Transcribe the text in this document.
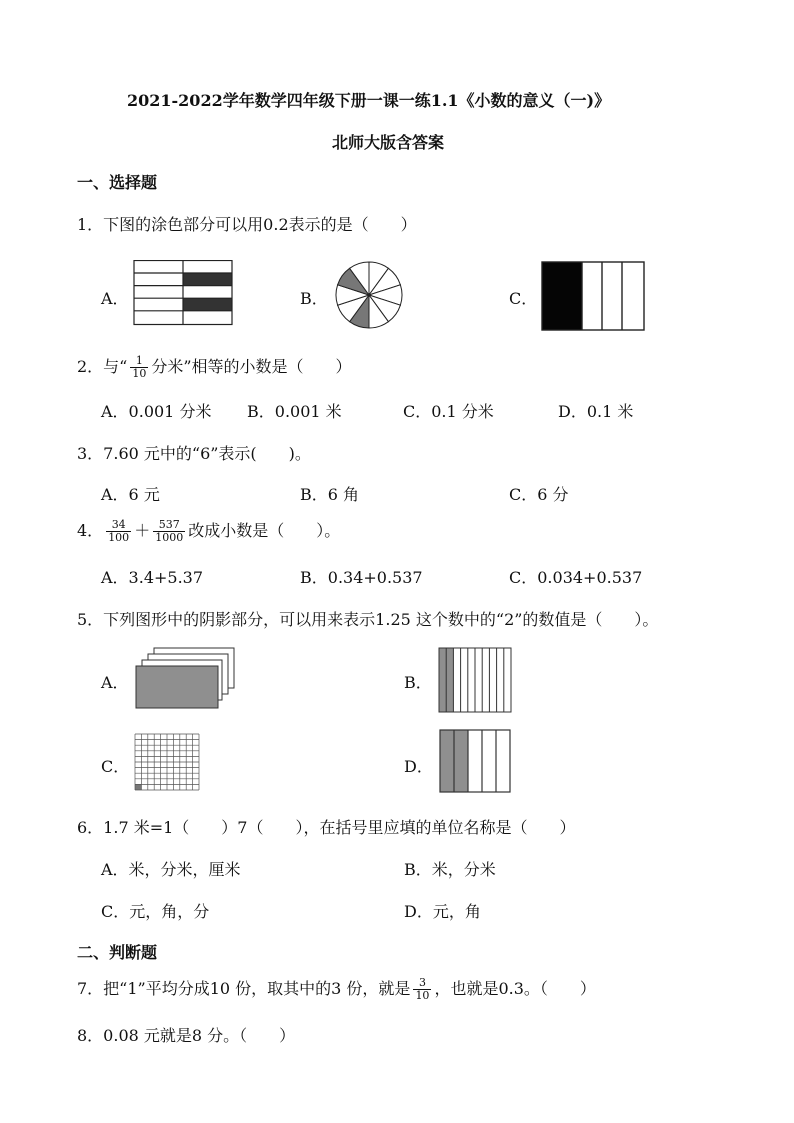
2021-2022学年数学四年级下册一课一练1.1《小数的意义（一)》
北师大版含答案
一、选择题
1．下图的涂色部分可以用0.2表示的是（　　）
A．	B．	C．
2．与“ $\frac{1}{10}$ 分米”相等的小数是（　　）
A．0.001 分米 B．0.001 米	C．0.1 分米	D．0.1 米
3．7.60 元中的“6”表示(　　)。
A．6 元	B．6 角	C．6 分
4． $\frac{34}{100} + \frac{537}{1000}$ 改成小数是（　　）。
A．3.4+5.37	B．0.34+0.537	C．0.034+0.537
5．下列图形中的阴影部分，可以用来表示1.25 这个数中的“2”的数值是（　　）。
A．	B．
C．	D．
6．1.7 米=1（　　）7（　　），在括号里应填的单位名称是（　　）
A．米，分米，厘米	B．米，分米
C．元，角，分	D．元，角
二、判断题
7．把“1”平均分成10 份，取其中的3 份，就是 $\frac{3}{10}$ ，也就是0.3。（　　）
8．0.08 元就是8 分。（　　）
